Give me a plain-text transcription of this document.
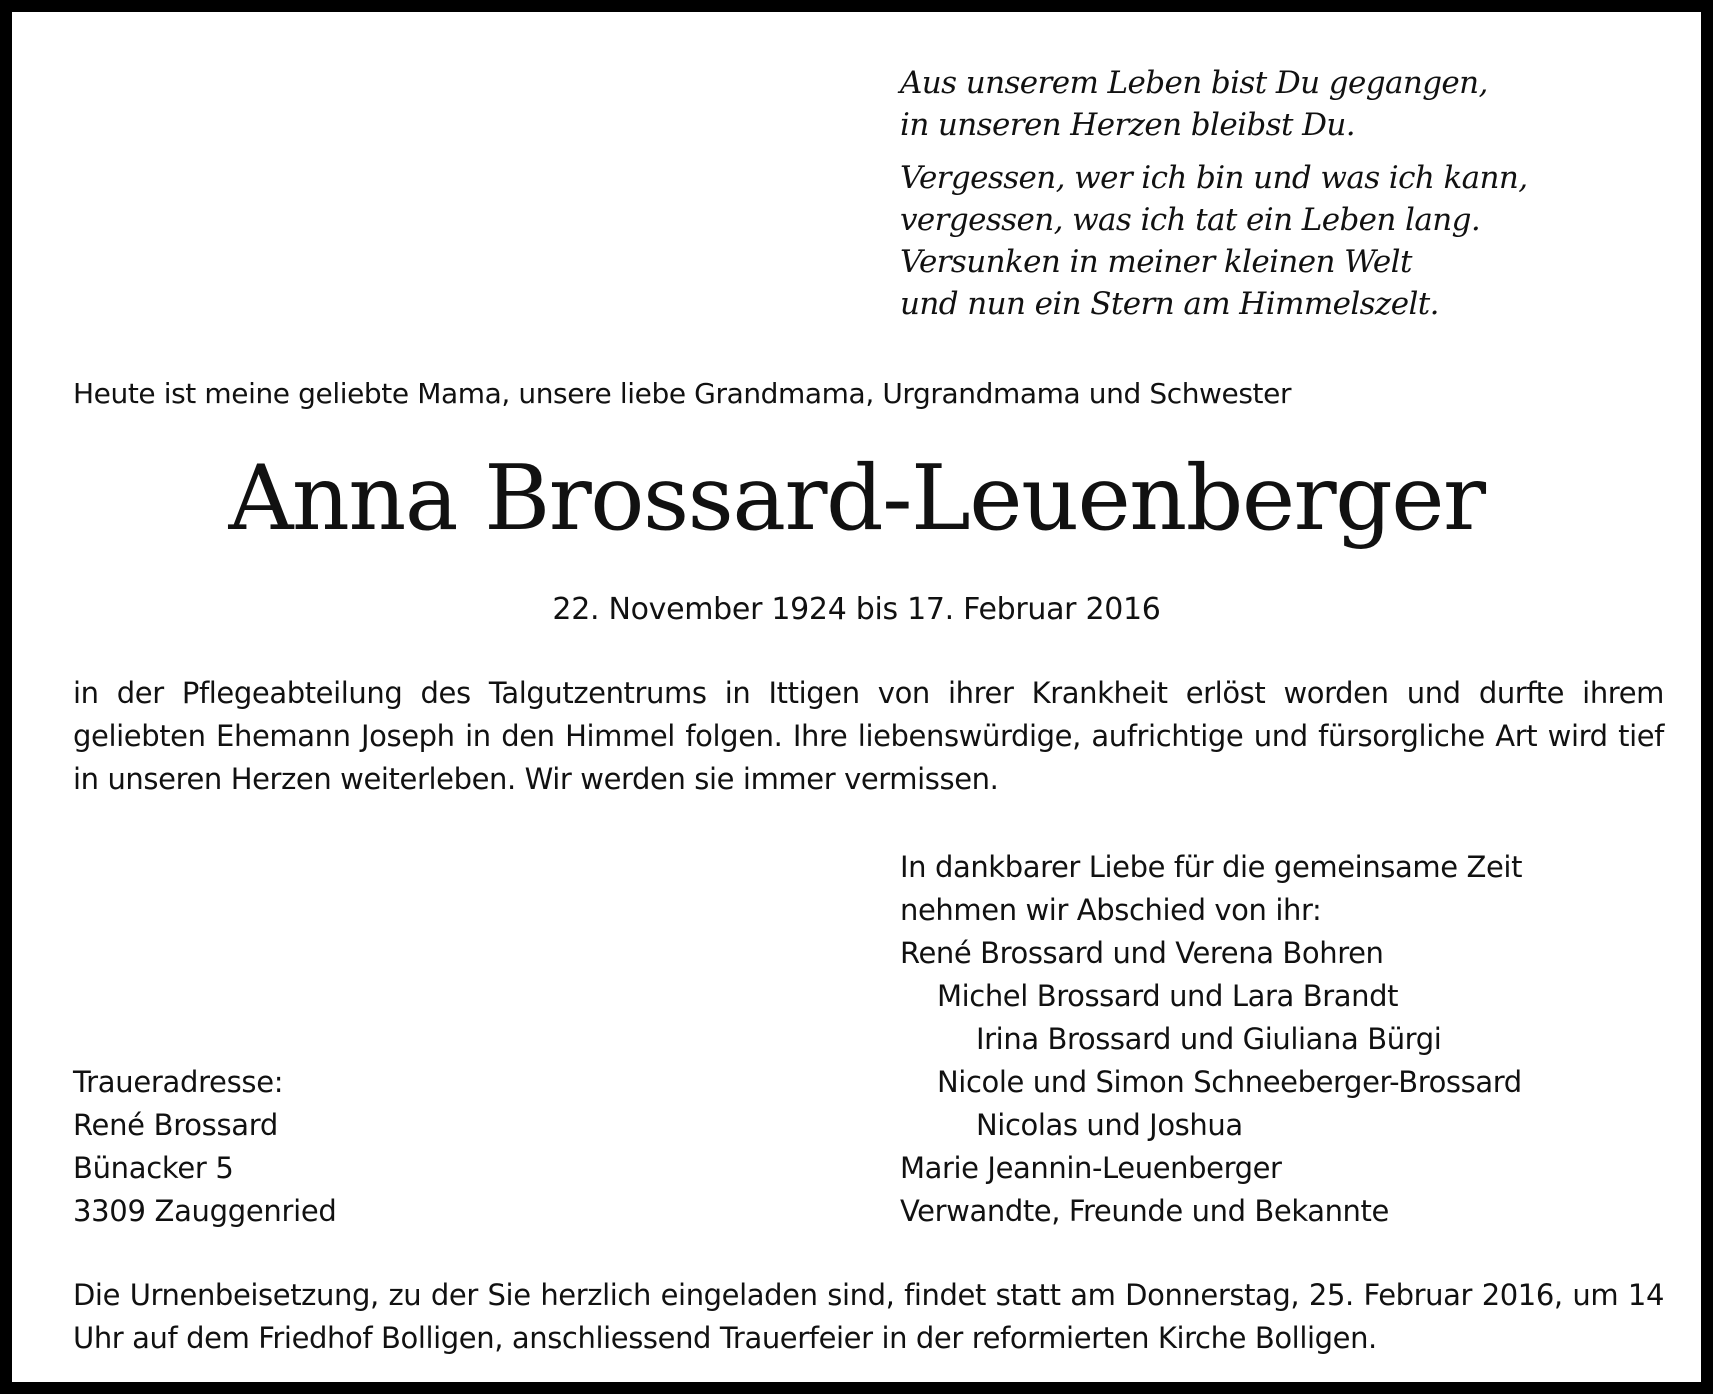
Aus unserem Leben bist Du gegangen,
in unseren Herzen bleibst Du.

Vergessen, wer ich bin und was ich kann,
vergessen, was ich tat ein Leben lang.
Versunken in meiner kleinen Welt
und nun ein Stern am Himmelszelt.

Heute ist meine geliebte Mama, unsere liebe Grandmama, Urgrandmama und Schwester
Anna Brossard-Leuenberger
22. November 1924 bis 17. Februar 2016
in der Pflegeabteilung des Talgutzentrums in Ittigen von ihrer Krankheit erlöst worden und durfte ihrem geliebten Ehemann Joseph in den Himmel folgen. Ihre liebenswürdige, aufrichtige und fürsorgliche Art wird tief in unseren Herzen weiterleben. Wir werden sie immer vermissen.
In dankbarer Liebe für die gemeinsame Zeit
nehmen wir Abschied von ihr:
René Brossard und Verena Bohren
Michel Brossard und Lara Brandt
Irina Brossard und Giuliana Bürgi
Nicole und Simon Schneeberger-Brossard
Nicolas und Joshua
Marie Jeannin-Leuenberger
Verwandte, Freunde und Bekannte
Traueradresse:
René Brossard
Bünacker 5
3309 Zauggenried
Die Urnenbeisetzung, zu der Sie herzlich eingeladen sind, findet statt am Donnerstag, 25. Februar 2016, um 14 Uhr auf dem Friedhof Bolligen, anschliessend Trauerfeier in der reformierten Kirche Bolligen.
